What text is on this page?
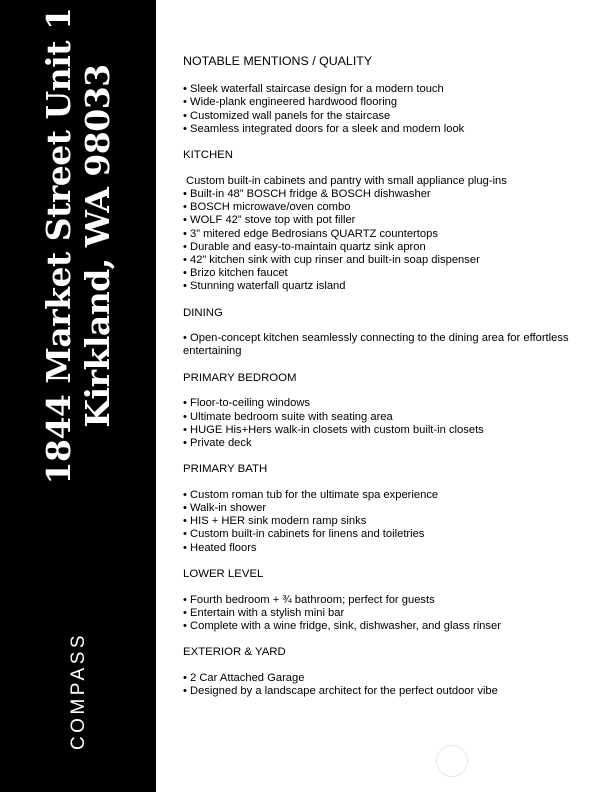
1844 Market Street Unit 1 Kirkland, WA 98033
COMPASS
NOTABLE MENTIONS / QUALITY
• Sleek waterfall staircase design for a modern touch
• Wide-plank engineered hardwood flooring
• Customized wall panels for the staircase
• Seamless integrated doors for a sleek and modern look
KITCHEN
Custom built-in cabinets and pantry with small appliance plug-ins
• Built-in 48” BOSCH fridge & BOSCH dishwasher
• BOSCH microwave/oven combo
• WOLF 42” stove top with pot filler
• 3” mitered edge Bedrosians QUARTZ countertops
• Durable and easy-to-maintain quartz sink apron
• 42” kitchen sink with cup rinser and built-in soap dispenser
• Brizo kitchen faucet
• Stunning waterfall quartz island
DINING
• Open-concept kitchen seamlessly connecting to the dining area for effortless entertaining
PRIMARY BEDROOM
• Floor-to-ceiling windows
• Ultimate bedroom suite with seating area
• HUGE His+Hers walk-in closets with custom built-in closets
• Private deck
PRIMARY BATH
• Custom roman tub for the ultimate spa experience
• Walk-in shower
• HIS + HER sink modern ramp sinks
• Custom built-in cabinets for linens and toiletries
• Heated floors
LOWER LEVEL
• Fourth bedroom + ¾ bathroom; perfect for guests
• Entertain with a stylish mini bar
• Complete with a wine fridge, sink, dishwasher, and glass rinser
EXTERIOR & YARD
• 2 Car Attached Garage
• Designed by a landscape architect for the perfect outdoor vibe
